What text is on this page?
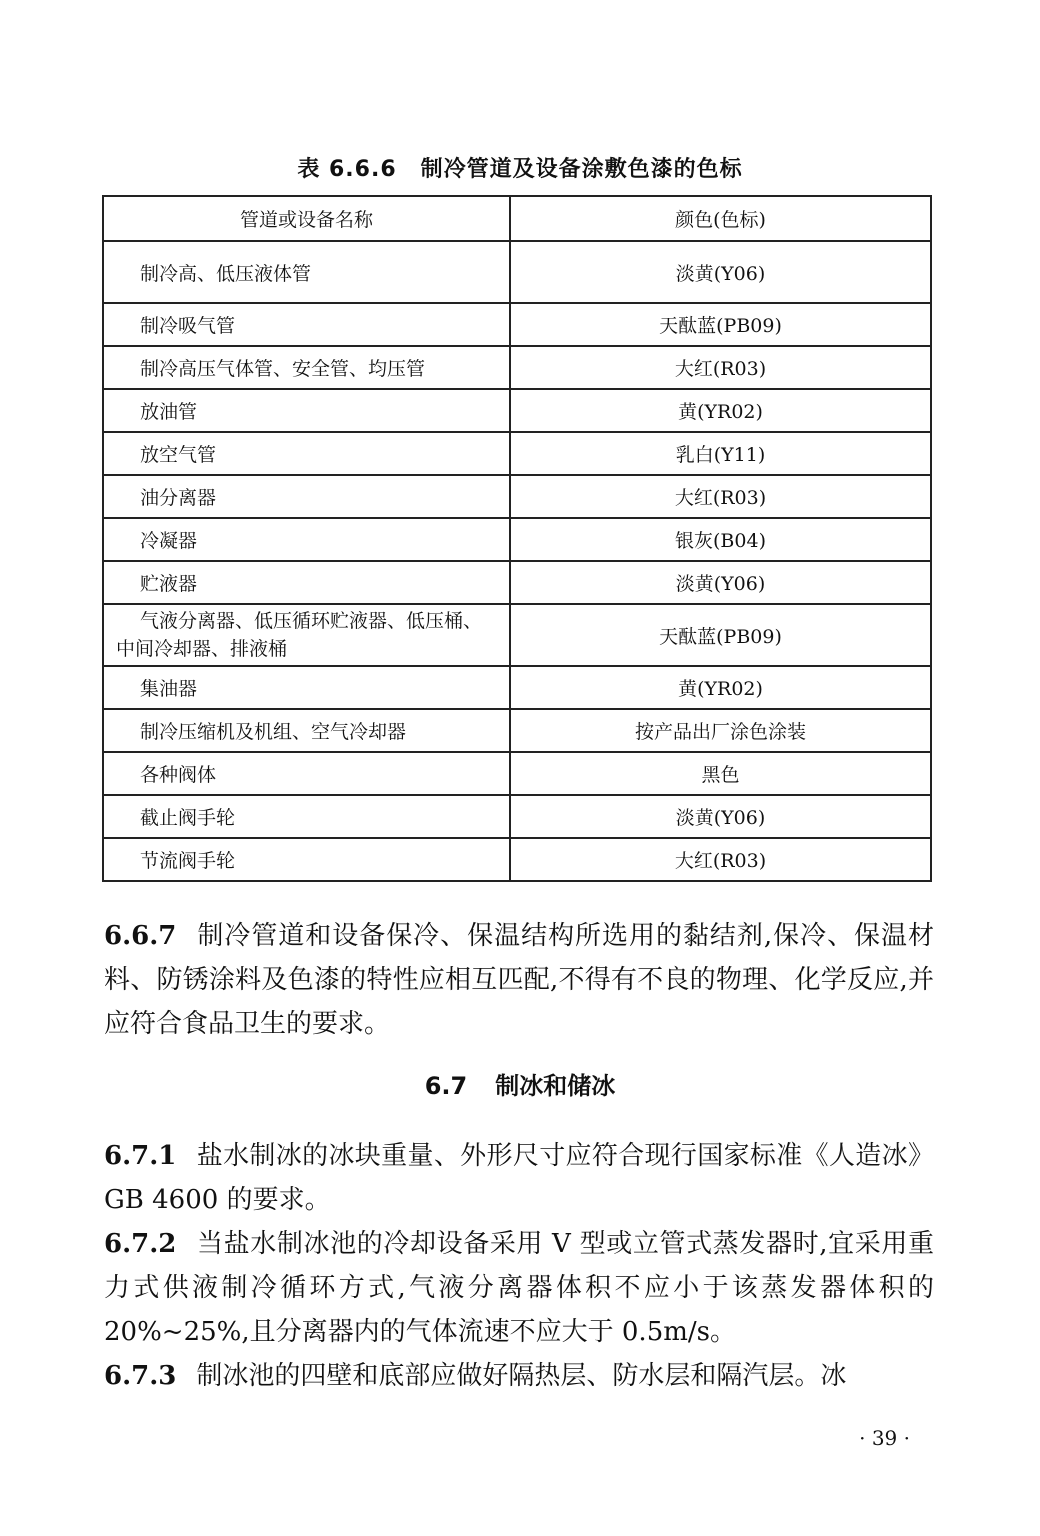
表 6.6.6 制冷管道及设备涂敷色漆的色标
管道或设备名称	颜色(色标)
制冷高、低压液体管	淡黄(Y06)
制冷吸气管	天酞蓝(PB09)
制冷高压气体管、安全管、均压管	大红(R03)
放油管	黄(YR02)
放空气管	乳白(Y11)
油分离器	大红(R03)
冷凝器	银灰(B04)
贮液器	淡黄(Y06)
气液分离器、低压循环贮液器、低压桶、中间冷却器、排液桶	天酞蓝(PB09)
集油器	黄(YR02)
制冷压缩机及机组、空气冷却器	按产品出厂涂色涂装
各种阀体	黑色
截止阀手轮	淡黄(Y06)
节流阀手轮	大红(R03)
6.6.7 制冷管道和设备保冷、保温结构所选用的黏结剂,保冷、保温材料、防锈涂料及色漆的特性应相互匹配,不得有不良的物理、化学反应,并应符合食品卫生的要求。
6.7 制冰和储冰
6.7.1 盐水制冰的冰块重量、外形尺寸应符合现行国家标准《人造冰》GB 4600 的要求。
6.7.2 当盐水制冰池的冷却设备采用 V 型或立管式蒸发器时,宜采用重力式供液制冷循环方式,气液分离器体积不应小于该蒸发器体积的 20%~25%,且分离器内的气体流速不应大于 0.5m/s。
6.7.3 制冰池的四壁和底部应做好隔热层、防水层和隔汽层。冰
· 39 ·
